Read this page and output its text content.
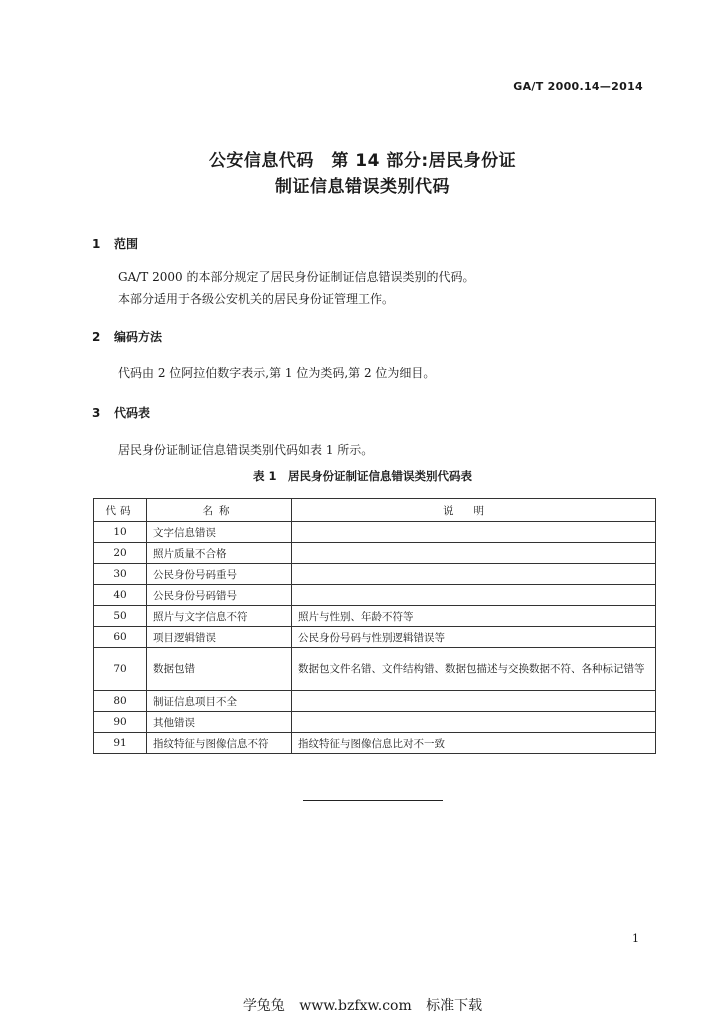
GA/T 2000.14—2014
公安信息代码　第 14 部分:居民身份证
制证信息错误类别代码
1 范围
GA/T 2000 的本部分规定了居民身份证制证信息错误类别的代码。
本部分适用于各级公安机关的居民身份证管理工作。
2 编码方法
代码由 2 位阿拉伯数字表示,第 1 位为类码,第 2 位为细目。
3 代码表
居民身份证制证信息错误类别代码如表 1 所示。
表 1　居民身份证制证信息错误类别代码表
代码	名称	说明
10	文字信息错误	
20	照片质量不合格	
30	公民身份号码重号	
40	公民身份号码错号	
50	照片与文字信息不符	照片与性别、年龄不符等
60	项目逻辑错误	公民身份号码与性别逻辑错误等
70	数据包错	数据包文件名错、文件结构错、数据包描述与交换数据不符、各种标记错等
80	制证信息项目不全	
90	其他错误	
91	指纹特征与图像信息不符	指纹特征与图像信息比对不一致
1
学兔兔 www.bzfxw.com 标准下载
